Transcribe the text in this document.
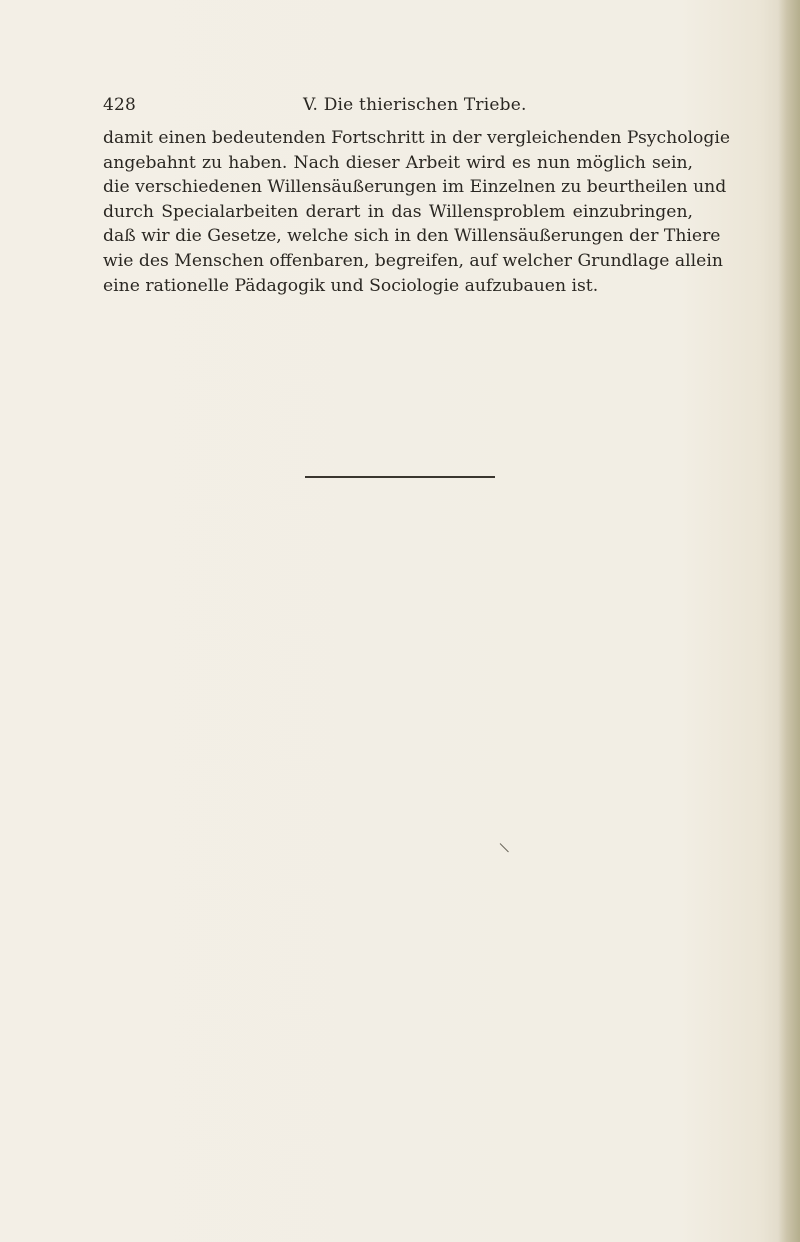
428	V. Die thierischen Triebe.

damit einen bedeutenden Fortschritt in der vergleichenden Psychologie
angebahnt zu haben. Nach dieser Arbeit wird es nun möglich sein,
die verschiedenen Willensäußerungen im Einzelnen zu beurtheilen und
durch Specialarbeiten derart in das Willensproblem einzubringen,
daß wir die Gesetze, welche sich in den Willensäußerungen der Thiere
wie des Menschen offenbaren, begreifen, auf welcher Grundlage allein
eine rationelle Pädagogik und Sociologie aufzubauen ist.
